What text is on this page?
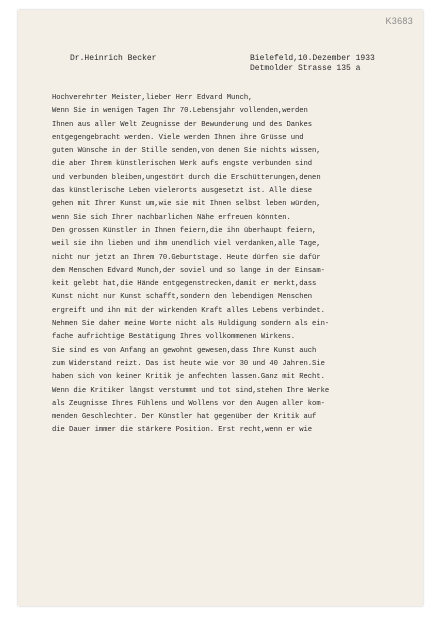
K3683
Dr.Heinrich Becker	Bielefeld,10.Dezember 1933
Detmolder Strasse 135 a
Hochverehrter Meister,lieber Herr Edvard Munch,
Wenn Sie in wenigen Tagen Ihr 70.Lebensjahr vollenden,werden
Ihnen aus aller Welt Zeugnisse der Bewunderung und des Dankes
entgegengebracht werden. Viele werden Ihnen ihre Grüsse und
guten Wünsche in der Stille senden,von denen Sie nichts wissen,
die aber Ihrem künstlerischen Werk aufs engste verbunden sind
und verbunden bleiben,ungestört durch die Erschütterungen,denen
das künstlerische Leben vielerorts ausgesetzt ist. Alle diese
gehen mit Ihrer Kunst um,wie sie mit Ihnen selbst leben würden,
wenn Sie sich Ihrer nachbarlichen Nähe erfreuen könnten.
Den grossen Künstler in Ihnen feiern,die ihn überhaupt feiern,
weil sie ihn lieben und ihm unendlich viel verdanken,alle Tage,
nicht nur jetzt an Ihrem 70.Geburtstage. Heute dürfen sie dafür
dem Menschen Edvard Munch,der soviel und so lange in der Einsam-
keit gelebt hat,die Hände entgegenstrecken,damit er merkt,dass
Kunst nicht nur Kunst schafft,sondern den lebendigen Menschen
ergreift und ihn mit der wirkenden Kraft alles Lebens verbindet.
Nehmen Sie daher meine Worte nicht als Huldigung sondern als ein-
fache aufrichtige Bestätigung Ihres vollkommenen Wirkens.
Sie sind es von Anfang an gewohnt gewesen,dass Ihre Kunst auch
zum Widerstand reizt. Das ist heute wie vor 30 und 40 Jahren.Sie
haben sich von keiner Kritik je anfechten lassen.Ganz mit Recht.
Wenn die Kritiker längst verstummt und tot sind,stehen Ihre Werke
als Zeugnisse Ihres Fühlens und Wollens vor den Augen aller kom-
menden Geschlechter. Der Künstler hat gegenüber der Kritik auf
die Dauer immer die stärkere Position. Erst recht,wenn er wie
